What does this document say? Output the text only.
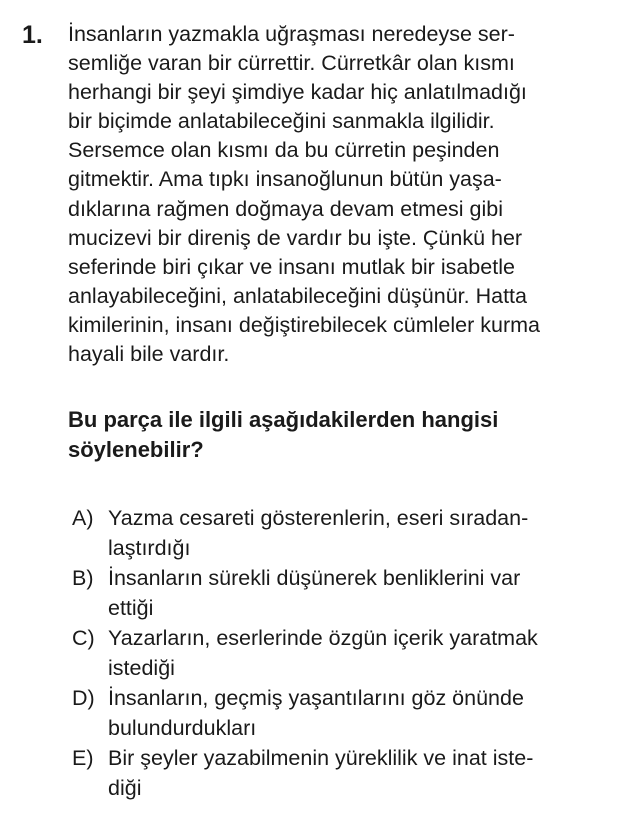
1. İnsanların yazmakla uğraşması neredeyse ser-
semliğe varan bir cürrettir. Cürretkâr olan kısmı
herhangi bir şeyi şimdiye kadar hiç anlatılmadığı
bir biçimde anlatabileceğini sanmakla ilgilidir.
Sersemce olan kısmı da bu cürretin peşinden
gitmektir. Ama tıpkı insanoğlunun bütün yaşa-
dıklarına rağmen doğmaya devam etmesi gibi
mucizevi bir direniş de vardır bu işte. Çünkü her
seferinde biri çıkar ve insanı mutlak bir isabetle
anlayabileceğini, anlatabileceğini düşünür. Hatta
kimilerinin, insanı değiştirebilecek cümleler kurma
hayali bile vardır.
Bu parça ile ilgili aşağıdakilerden hangisi
söylenebilir?
A) Yazma cesareti gösterenlerin, eseri sıradan-
laştırdığı
B) İnsanların sürekli düşünerek benliklerini var
ettiği
C) Yazarların, eserlerinde özgün içerik yaratmak
istediği
D) İnsanların, geçmiş yaşantılarını göz önünde
bulundurdukları
E) Bir şeyler yazabilmenin yüreklilik ve inat iste-
diği
